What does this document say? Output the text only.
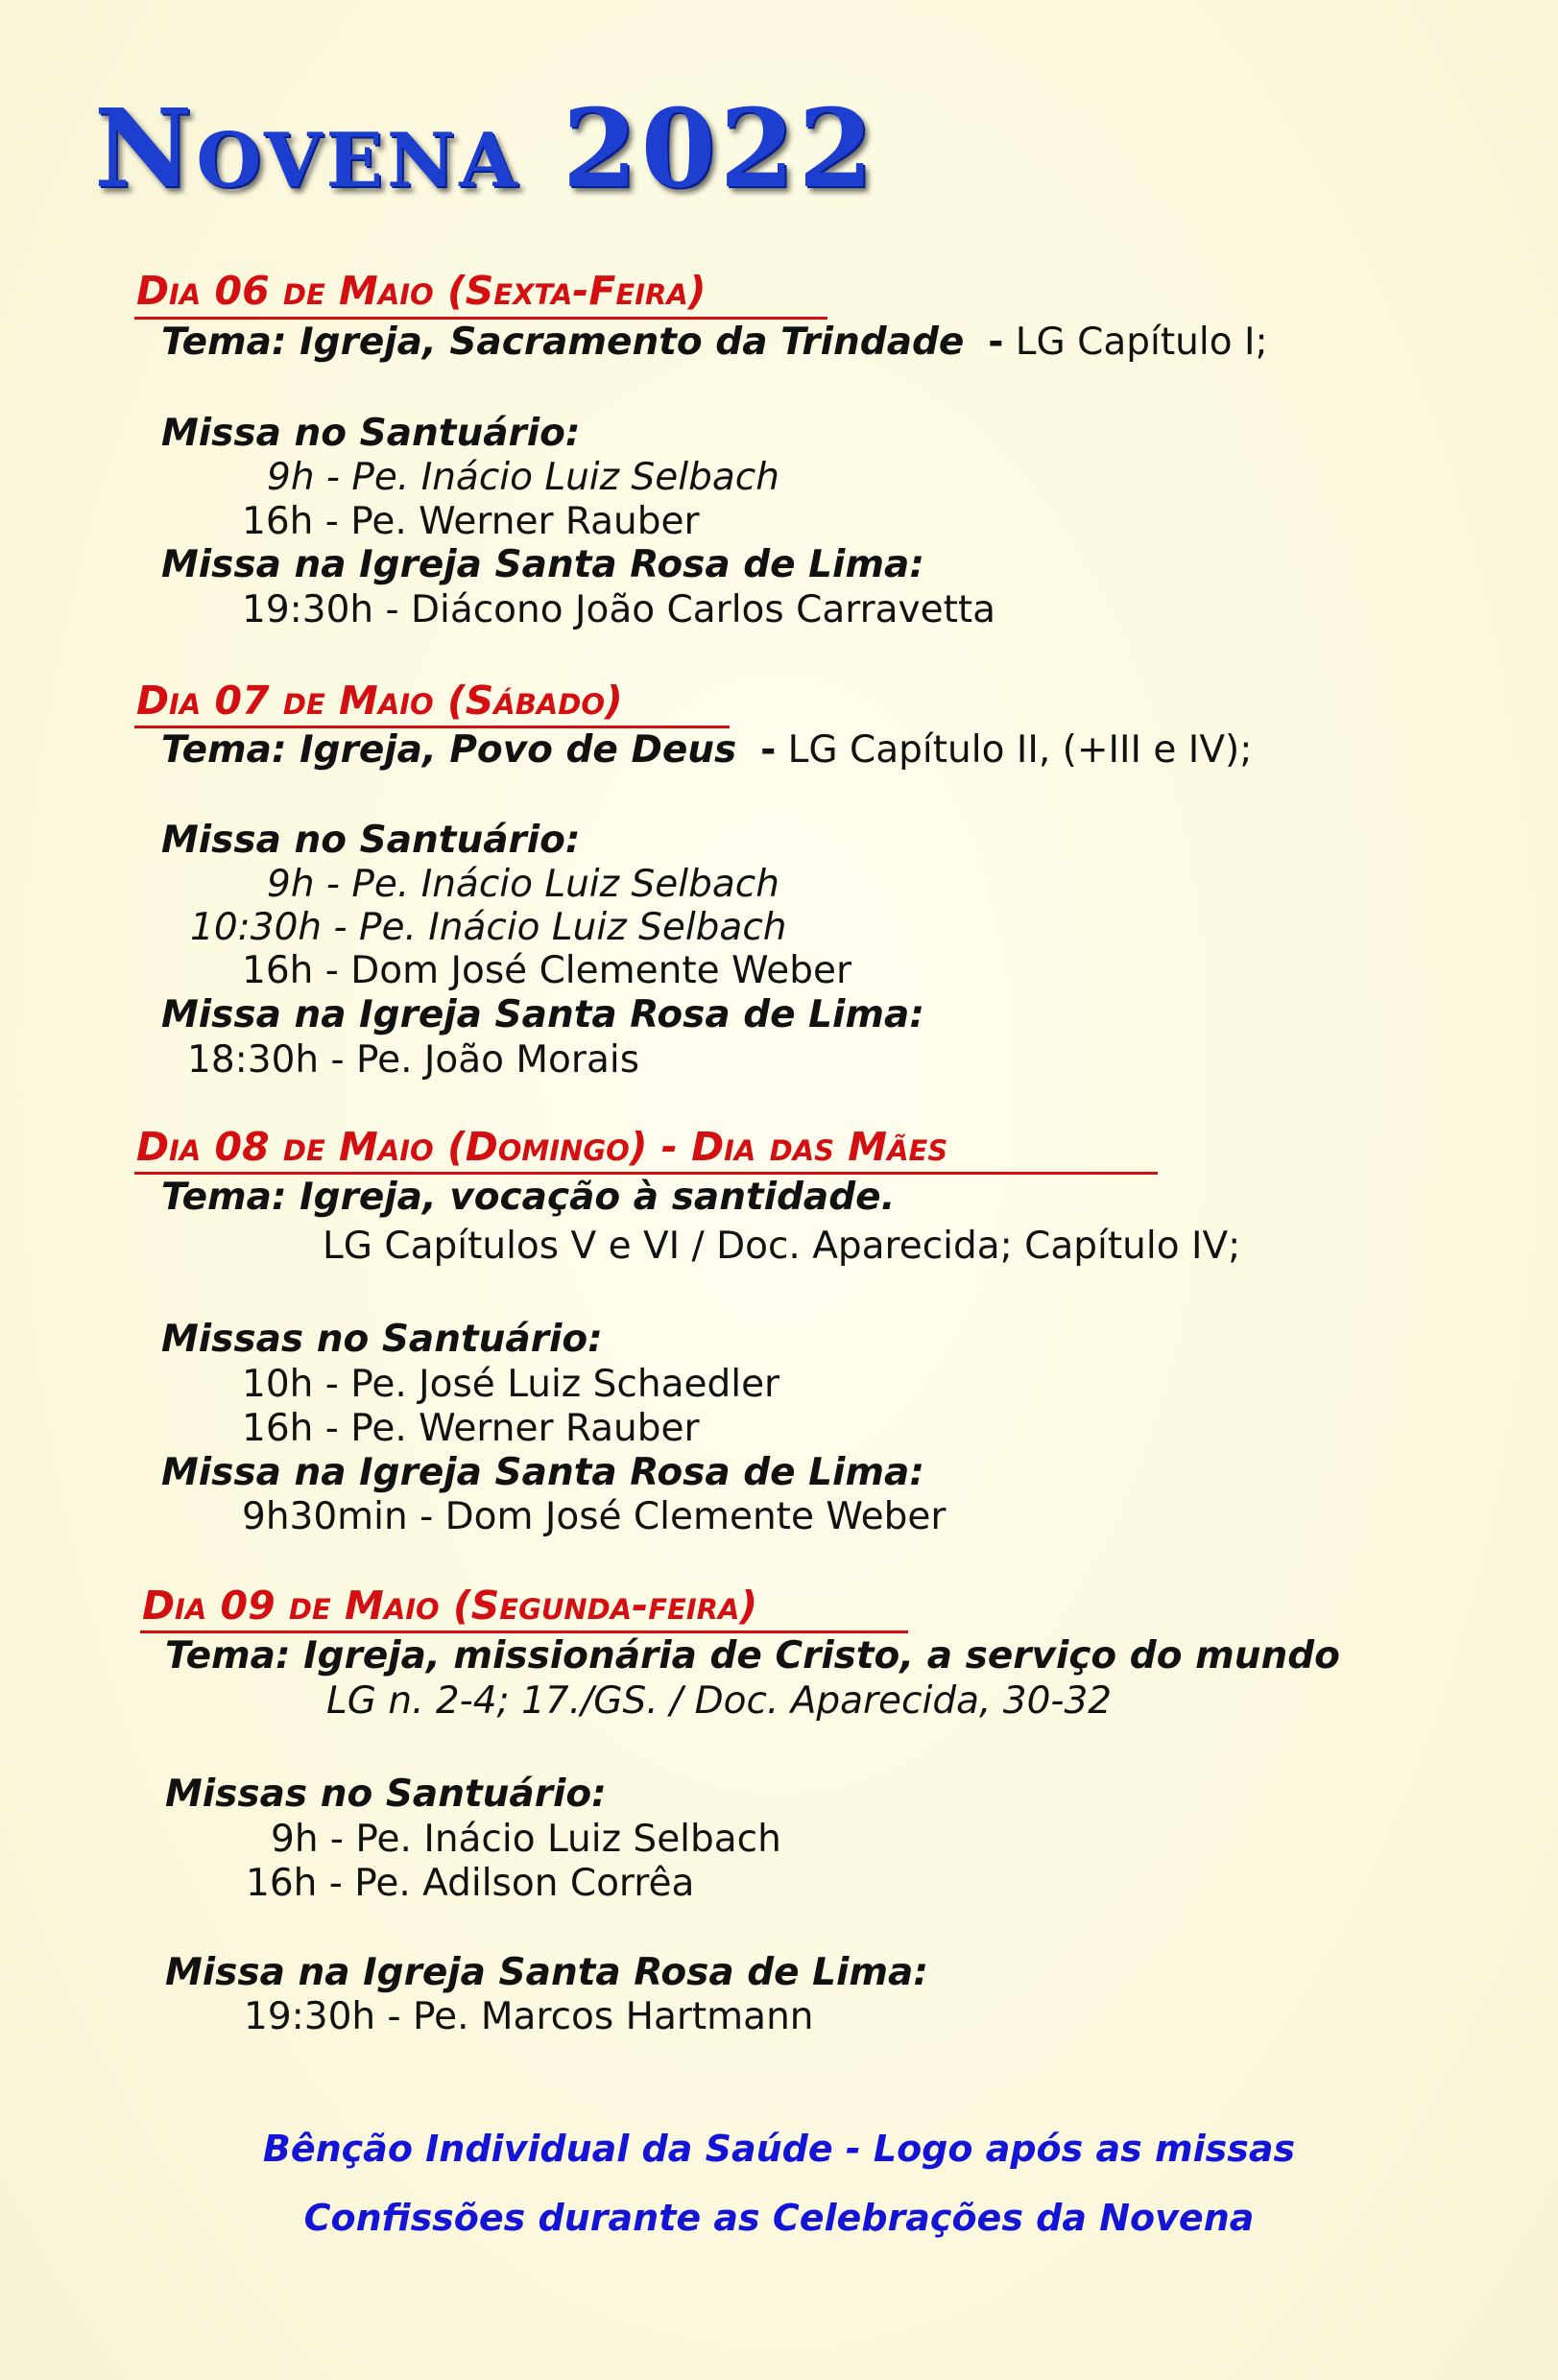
Novena 2022
Dia 06 de Maio (Sexta-Feira)
Tema: Igreja, Sacramento da Trindade - LG Capítulo I;
Missa no Santuário:
9h - Pe. Inácio Luiz Selbach
16h - Pe. Werner Rauber
Missa na Igreja Santa Rosa de Lima:
19:30h - Diácono João Carlos Carravetta
Dia 07 de Maio (Sábado)
Tema: Igreja, Povo de Deus - LG Capítulo II, (+III e IV);
Missa no Santuário:
9h - Pe. Inácio Luiz Selbach
10:30h - Pe. Inácio Luiz Selbach
16h - Dom José Clemente Weber
Missa na Igreja Santa Rosa de Lima:
18:30h - Pe. João Morais
Dia 08 de Maio (Domingo) - Dia das Mães
Tema: Igreja, vocação à santidade.
LG Capítulos V e VI / Doc. Aparecida; Capítulo IV;
Missas no Santuário:
10h - Pe. José Luiz Schaedler
16h - Pe. Werner Rauber
Missa na Igreja Santa Rosa de Lima:
9h30min - Dom José Clemente Weber
Dia 09 de Maio (Segunda-feira)
Tema: Igreja, missionária de Cristo, a serviço do mundo
LG n. 2-4; 17./GS. / Doc. Aparecida, 30-32
Missas no Santuário:
9h - Pe. Inácio Luiz Selbach
16h - Pe. Adilson Corrêa
Missa na Igreja Santa Rosa de Lima:
19:30h - Pe. Marcos Hartmann
Bênção Individual da Saúde - Logo após as missas
Confissões durante as Celebrações da Novena
